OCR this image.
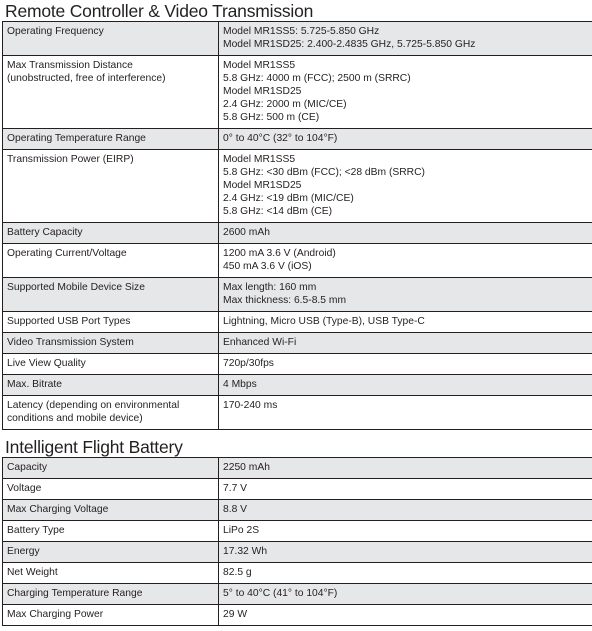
Remote Controller & Video Transmission
Operating Frequency	Model MR1SS5: 5.725-5.850 GHz
Model MR1SD25: 2.400-2.4835 GHz, 5.725-5.850 GHz

Max Transmission Distance
(unobstructed, free of interference)	Model MR1SS5
5.8 GHz: 4000 m (FCC); 2500 m (SRRC)
Model MR1SD25
2.4 GHz: 2000 m (MIC/CE)
5.8 GHz: 500 m (CE)

Operating Temperature Range	0° to 40°C (32° to 104°F)

Transmission Power (EIRP)	Model MR1SS5
5.8 GHz: <30 dBm (FCC); <28 dBm (SRRC)
Model MR1SD25
2.4 GHz: <19 dBm (MIC/CE)
5.8 GHz: <14 dBm (CE)

Battery Capacity	2600 mAh

Operating Current/Voltage	1200 mA 3.6 V (Android)
450 mA 3.6 V (iOS)

Supported Mobile Device Size	Max length: 160 mm
Max thickness: 6.5-8.5 mm

Supported USB Port Types	Lightning, Micro USB (Type-B), USB Type-C

Video Transmission System	Enhanced Wi-Fi

Live View Quality	720p/30fps

Max. Bitrate	4 Mbps

Latency (depending on environmental
conditions and mobile device)	170-240 ms
Intelligent Flight Battery
Capacity	2250 mAh

Voltage	7.7 V

Max Charging Voltage	8.8 V

Battery Type	LiPo 2S

Energy	17.32 Wh

Net Weight	82.5 g

Charging Temperature Range	5° to 40°C (41° to 104°F)

Max Charging Power	29 W
